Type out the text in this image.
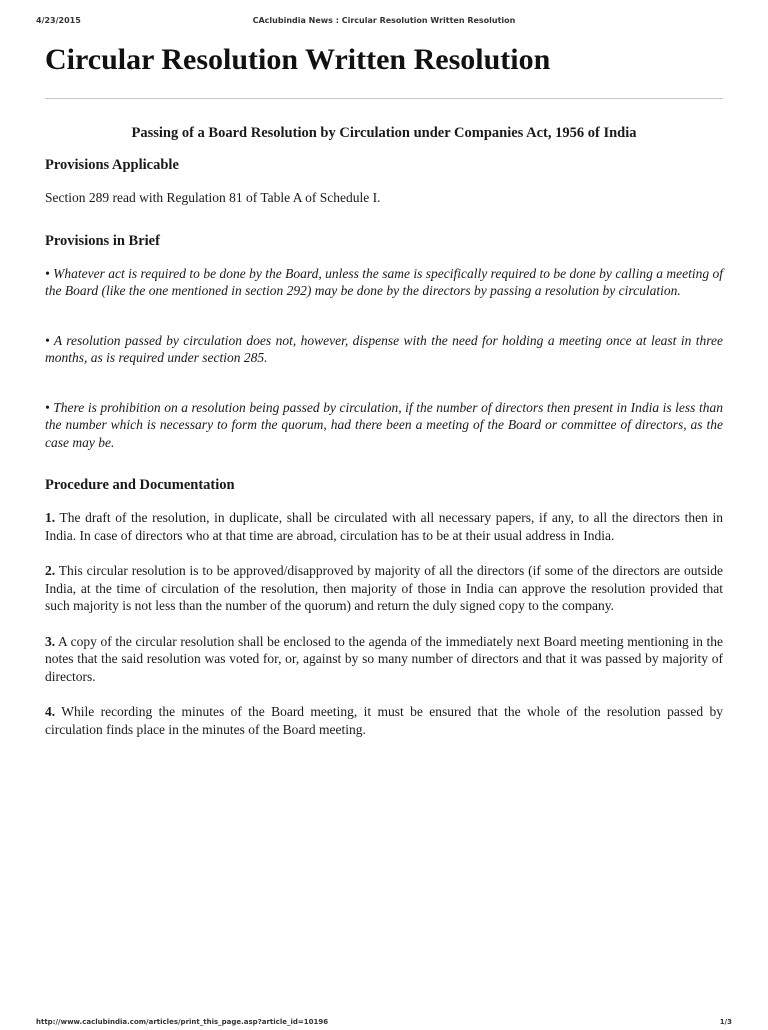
4/23/2015	CAclubindia News : Circular Resolution Written Resolution
Circular Resolution Written Resolution
Passing of a Board Resolution by Circulation under Companies Act, 1956 of India
Provisions Applicable

Section 289 read with Regulation 81 of Table A of Schedule I.

Provisions in Brief

• Whatever act is required to be done by the Board, unless the same is specifically required to be done by calling a meeting of the Board (like the one mentioned in section 292) may be done by the directors by passing a resolution by circulation.

• A resolution passed by circulation does not, however, dispense with the need for holding a meeting once at least in three months, as is required under section 285.

• There is prohibition on a resolution being passed by circulation, if the number of directors then present in India is less than the number which is necessary to form the quorum, had there been a meeting of the Board or committee of directors, as the case may be.

Procedure and Documentation

1. The draft of the resolution, in duplicate, shall be circulated with all necessary papers, if any, to all the directors then in India. In case of directors who at that time are abroad, circulation has to be at their usual address in India.

2. This circular resolution is to be approved/disapproved by majority of all the directors (if some of the directors are outside India, at the time of circulation of the resolution, then majority of those in India can approve the resolution provided that such majority is not less than the number of the quorum) and return the duly signed copy to the company.

3. A copy of the circular resolution shall be enclosed to the agenda of the immediately next Board meeting mentioning in the notes that the said resolution was voted for, or, against by so many number of directors and that it was passed by majority of directors.

4. While recording the minutes of the Board meeting, it must be ensured that the whole of the resolution passed by circulation finds place in the minutes of the Board meeting.

http://www.caclubindia.com/articles/print_this_page.asp?article_id=10196	1/3
